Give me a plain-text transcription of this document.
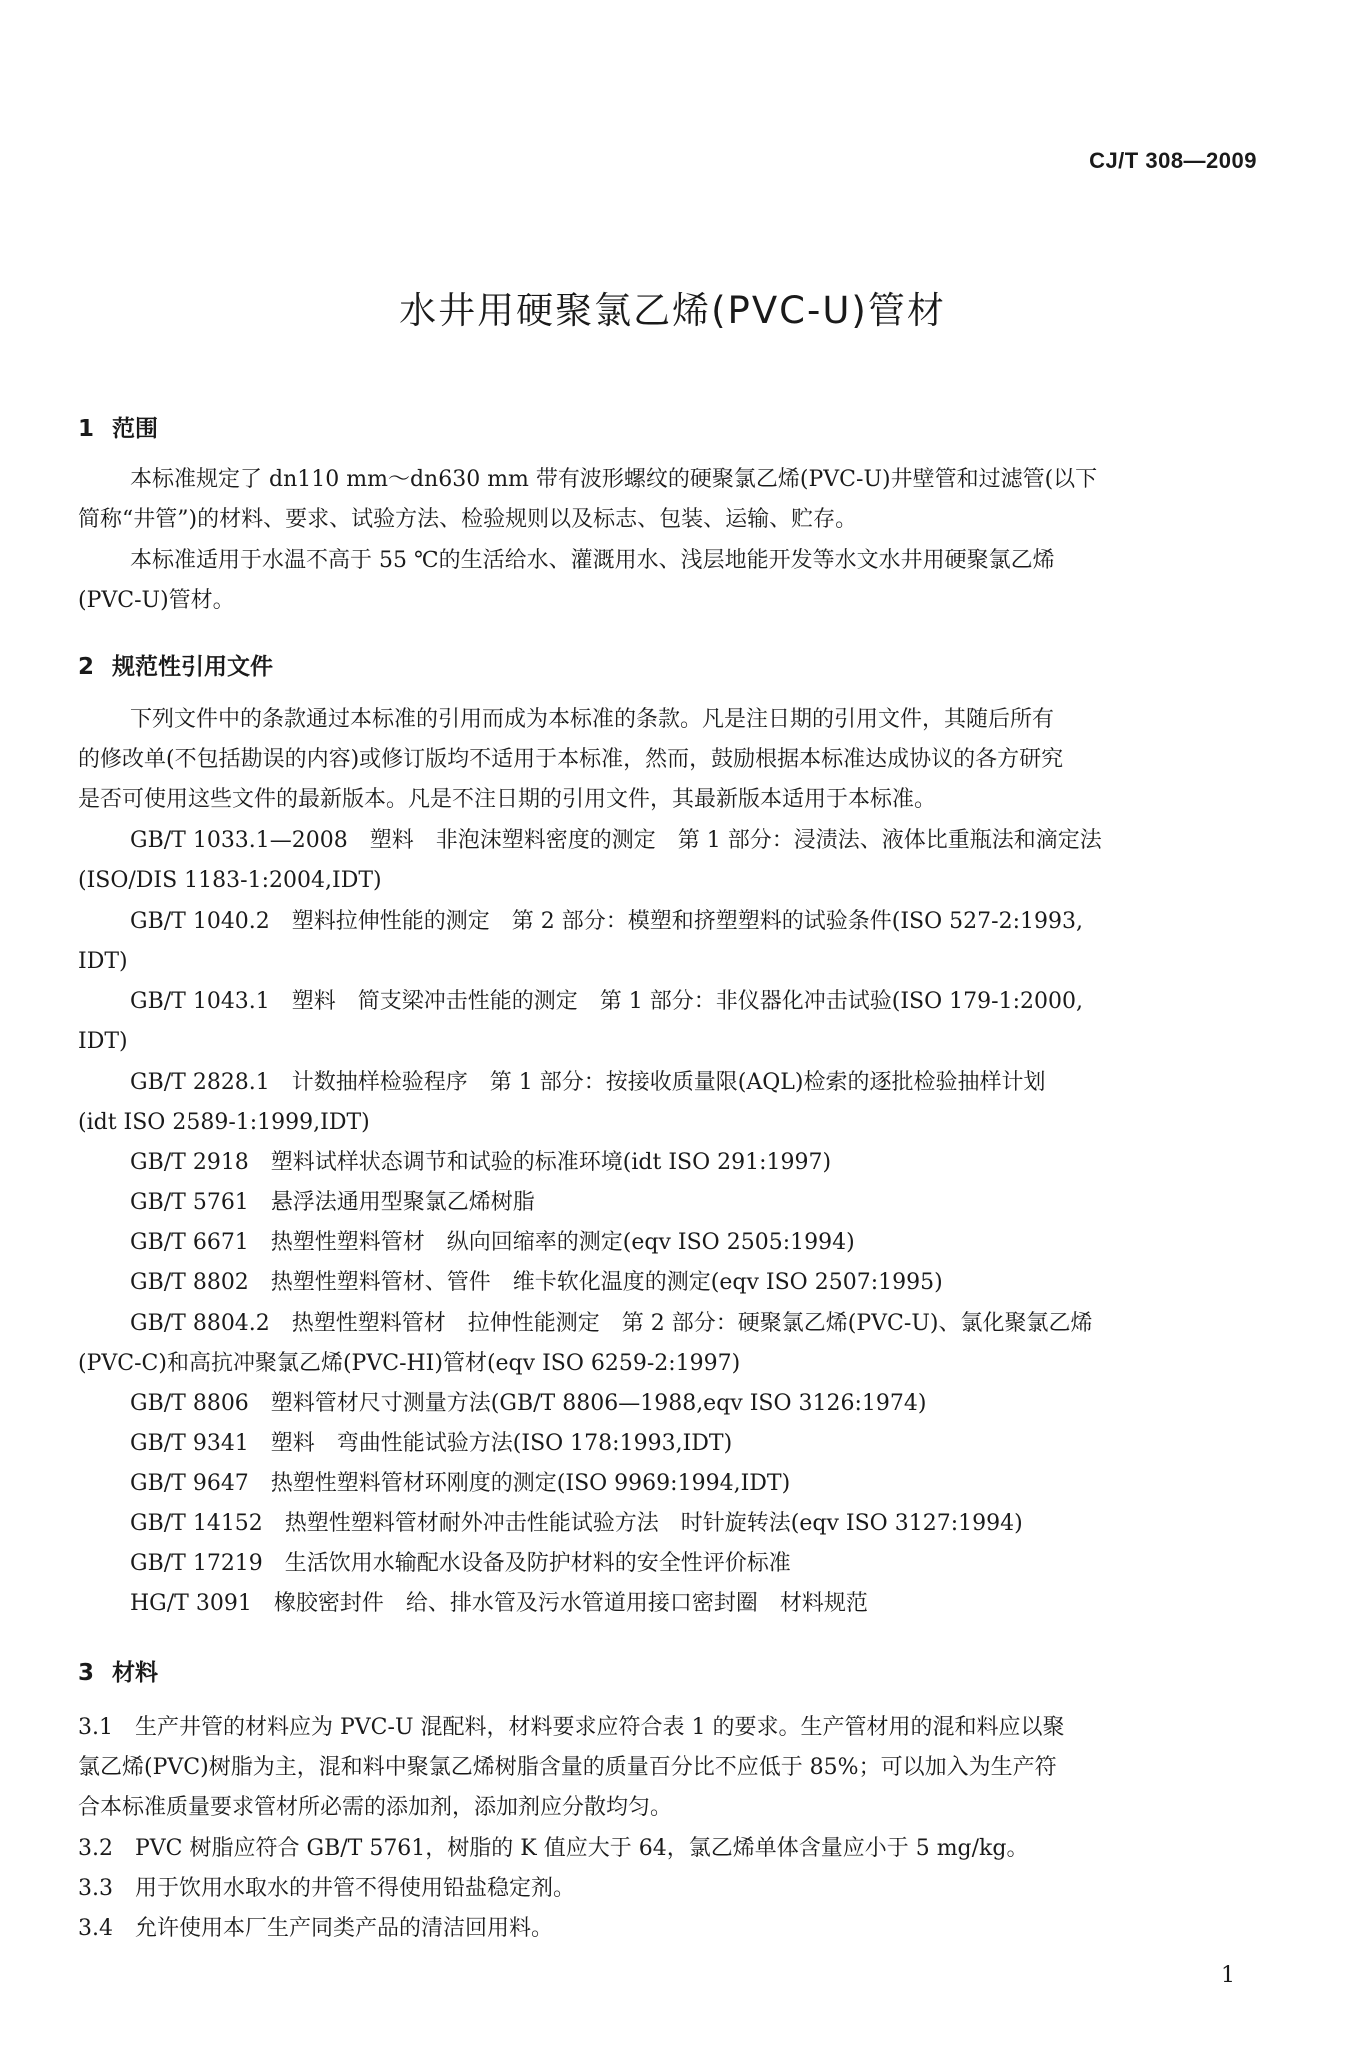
CJ/T 308—2009
水井用硬聚氯乙烯(PVC-U)管材
1 范围
本标准规定了 dn110 mm～dn630 mm 带有波形螺纹的硬聚氯乙烯(PVC-U)井壁管和过滤管(以下
简称“井管”)的材料、要求、试验方法、检验规则以及标志、包装、运输、贮存。
本标准适用于水温不高于 55 ℃的生活给水、灌溉用水、浅层地能开发等水文水井用硬聚氯乙烯
(PVC-U)管材。
2 规范性引用文件
下列文件中的条款通过本标准的引用而成为本标准的条款。凡是注日期的引用文件，其随后所有
的修改单(不包括勘误的内容)或修订版均不适用于本标准，然而，鼓励根据本标准达成协议的各方研究
是否可使用这些文件的最新版本。凡是不注日期的引用文件，其最新版本适用于本标准。
GB/T 1033.1—2008　塑料　非泡沫塑料密度的测定　第 1 部分：浸渍法、液体比重瓶法和滴定法
(ISO/DIS 1183-1:2004,IDT)
GB/T 1040.2　塑料拉伸性能的测定　第 2 部分：模塑和挤塑塑料的试验条件(ISO 527-2:1993,
IDT)
GB/T 1043.1　塑料　简支梁冲击性能的测定　第 1 部分：非仪器化冲击试验(ISO 179-1:2000,
IDT)
GB/T 2828.1　计数抽样检验程序　第 1 部分：按接收质量限(AQL)检索的逐批检验抽样计划
(idt ISO 2589-1:1999,IDT)
GB/T 2918　塑料试样状态调节和试验的标准环境(idt ISO 291:1997)
GB/T 5761　悬浮法通用型聚氯乙烯树脂
GB/T 6671　热塑性塑料管材　纵向回缩率的测定(eqv ISO 2505:1994)
GB/T 8802　热塑性塑料管材、管件　维卡软化温度的测定(eqv ISO 2507:1995)
GB/T 8804.2　热塑性塑料管材　拉伸性能测定　第 2 部分：硬聚氯乙烯(PVC-U)、氯化聚氯乙烯
(PVC-C)和高抗冲聚氯乙烯(PVC-HI)管材(eqv ISO 6259-2:1997)
GB/T 8806　塑料管材尺寸测量方法(GB/T 8806—1988,eqv ISO 3126:1974)
GB/T 9341　塑料　弯曲性能试验方法(ISO 178:1993,IDT)
GB/T 9647　热塑性塑料管材环刚度的测定(ISO 9969:1994,IDT)
GB/T 14152　热塑性塑料管材耐外冲击性能试验方法　时针旋转法(eqv ISO 3127:1994)
GB/T 17219　生活饮用水输配水设备及防护材料的安全性评价标准
HG/T 3091　橡胶密封件　给、排水管及污水管道用接口密封圈　材料规范
3 材料
3.1　生产井管的材料应为 PVC-U 混配料，材料要求应符合表 1 的要求。生产管材用的混和料应以聚
氯乙烯(PVC)树脂为主，混和料中聚氯乙烯树脂含量的质量百分比不应低于 85%；可以加入为生产符
合本标准质量要求管材所必需的添加剂，添加剂应分散均匀。
3.2　PVC 树脂应符合 GB/T 5761，树脂的 K 值应大于 64，氯乙烯单体含量应小于 5 mg/kg。
3.3　用于饮用水取水的井管不得使用铅盐稳定剂。
3.4　允许使用本厂生产同类产品的清洁回用料。
1
